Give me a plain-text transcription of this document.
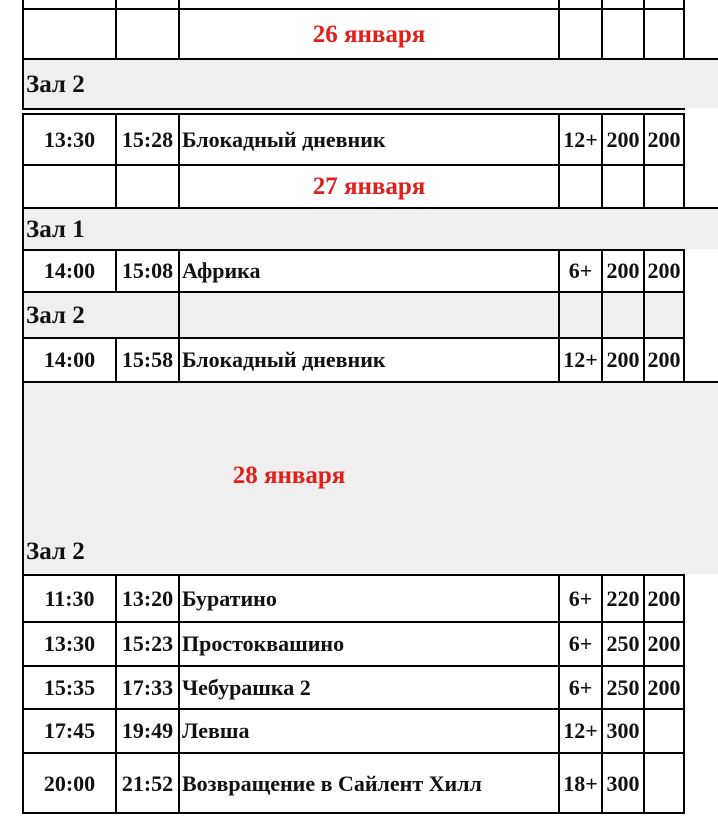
26 января
Зал 2
13:30	15:28 Блокадный дневник	12+ 200 200
27 января
Зал 1
14:00	15:08 Африка	6+ 200 200
Зал 2
14:00	15:58 Блокадный дневник	12+ 200 200
28 января
Зал 2
11:30	13:20 Буратино	6+ 220 200
13:30	15:23 Простоквашино	6+ 250 200
15:35	17:33 Чебурашка 2	6+ 250 200
17:45	19:49 Левша	12+ 300
20:00	21:52 Возвращение в Сайлент Хилл	18+ 300
